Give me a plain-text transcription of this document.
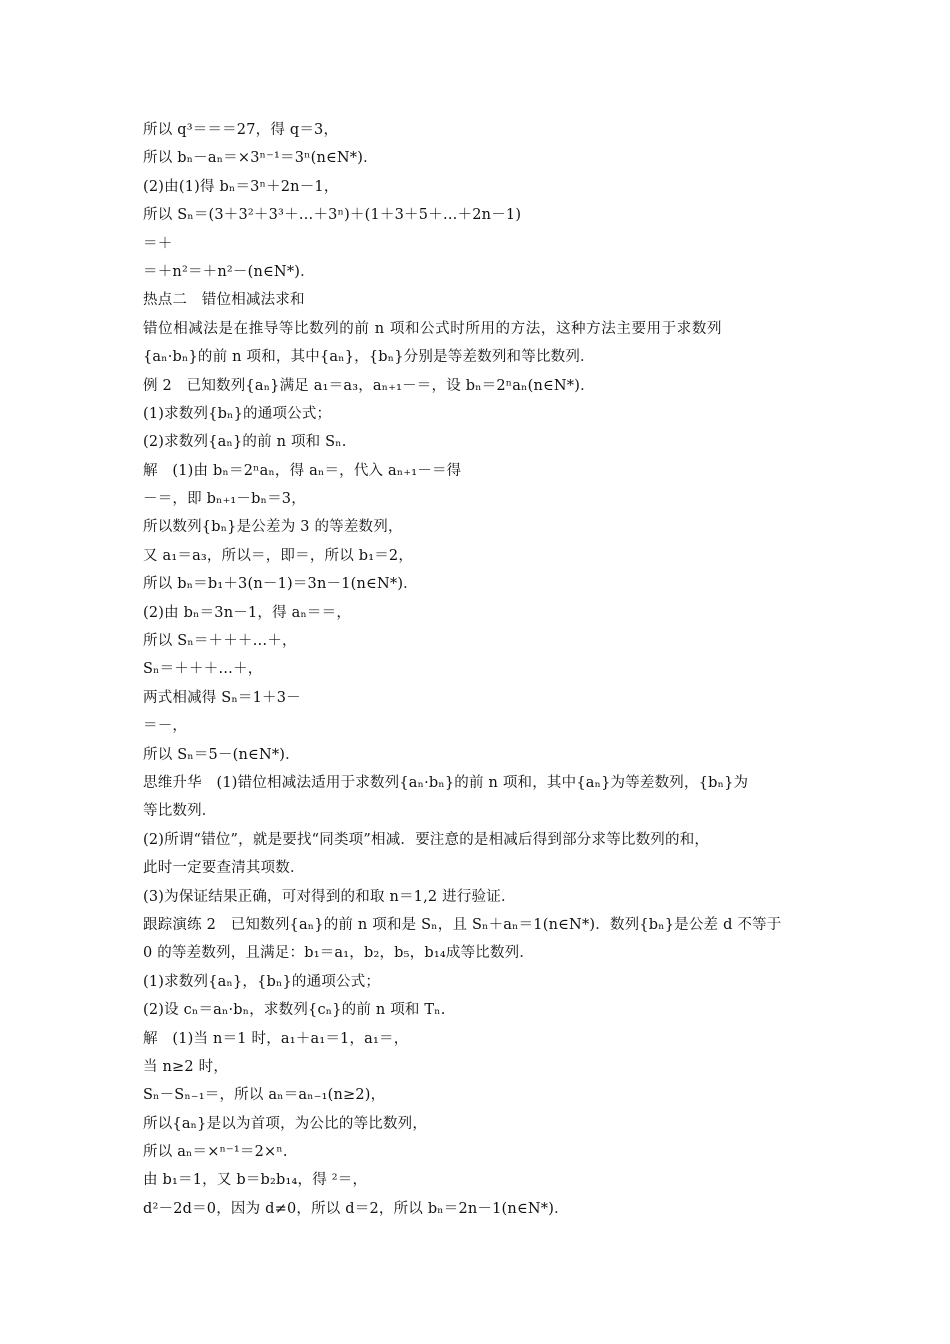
所以 q³＝＝＝27，得 q＝3，
所以 bₙ－aₙ＝×3ⁿ⁻¹＝3ⁿ(n∈N*)．
(2)由(1)得 bₙ＝3ⁿ＋2n－1，
所以 Sₙ＝(3＋3²＋3³＋…＋3ⁿ)＋(1＋3＋5＋…＋2n－1)
＝＋
＝＋n²＝＋n²－(n∈N*)．
热点二　错位相减法求和
错位相减法是在推导等比数列的前 n 项和公式时所用的方法，这种方法主要用于求数列
{aₙ·bₙ}的前 n 项和，其中{aₙ}，{bₙ}分别是等差数列和等比数列．
例 2　已知数列{aₙ}满足 a₁＝a₃，aₙ₊₁－＝，设 bₙ＝2ⁿaₙ(n∈N*)．
(1)求数列{bₙ}的通项公式；
(2)求数列{aₙ}的前 n 项和 Sₙ.
解　(1)由 bₙ＝2ⁿaₙ，得 aₙ＝，代入 aₙ₊₁－＝得
－＝，即 bₙ₊₁－bₙ＝3，
所以数列{bₙ}是公差为 3 的等差数列，
又 a₁＝a₃，所以＝，即＝，所以 b₁＝2，
所以 bₙ＝b₁＋3(n－1)＝3n－1(n∈N*)．
(2)由 bₙ＝3n－1，得 aₙ＝＝，
所以 Sₙ＝＋＋＋…＋，
Sₙ＝＋＋＋…＋，
两式相减得 Sₙ＝1＋3－
＝－，
所以 Sₙ＝5－(n∈N*)．
思维升华　(1)错位相减法适用于求数列{aₙ·bₙ}的前 n 项和，其中{aₙ}为等差数列，{bₙ}为
等比数列．
(2)所谓“错位”，就是要找“同类项”相减．要注意的是相减后得到部分求等比数列的和，
此时一定要查清其项数．
(3)为保证结果正确，可对得到的和取 n＝1,2 进行验证．
跟踪演练 2　已知数列{aₙ}的前 n 项和是 Sₙ，且 Sₙ＋aₙ＝1(n∈N*)．数列{bₙ}是公差 d 不等于
0 的等差数列，且满足：b₁＝a₁，b₂，b₅，b₁₄成等比数列．
(1)求数列{aₙ}，{bₙ}的通项公式；
(2)设 cₙ＝aₙ·bₙ，求数列{cₙ}的前 n 项和 Tₙ.
解　(1)当 n＝1 时，a₁＋a₁＝1，a₁＝，
当 n≥2 时，
Sₙ－Sₙ₋₁＝，所以 aₙ＝aₙ₋₁(n≥2)，
所以{aₙ}是以为首项，为公比的等比数列，
所以 aₙ＝×ⁿ⁻¹＝2×ⁿ.
由 b₁＝1，又 b＝b₂b₁₄，得 ²＝，
d²－2d＝0，因为 d≠0，所以 d＝2，所以 bₙ＝2n－1(n∈N*)．
